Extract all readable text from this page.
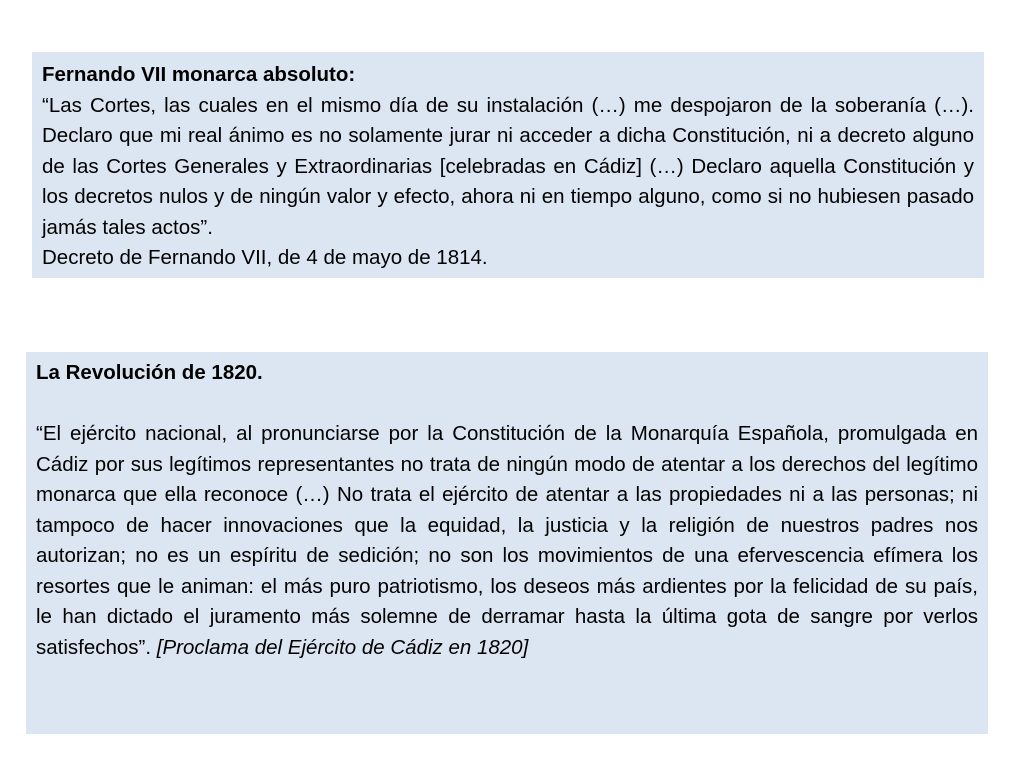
Fernando VII monarca absoluto:
“Las Cortes, las cuales en el mismo día de su instalación (…) me despojaron de la soberanía (…). Declaro que mi real ánimo es no solamente jurar ni acceder a dicha Constitución, ni a decreto alguno de las Cortes Generales y Extraordinarias [celebradas en Cádiz] (…) Declaro aquella Constitución y los decretos nulos y de ningún valor y efecto, ahora ni en tiempo alguno, como si no hubiesen pasado jamás tales actos”.
Decreto de Fernando VII, de 4 de mayo de 1814.
La Revolución de 1820.
“El ejército nacional, al pronunciarse por la Constitución de la Monarquía Española, promulgada en Cádiz por sus legítimos representantes no trata de ningún modo de atentar a los derechos del legítimo monarca que ella reconoce (…) No trata el ejército de atentar a las propiedades ni a las personas; ni tampoco de hacer innovaciones que la equidad, la justicia y la religión de nuestros padres nos autorizan; no es un espíritu de sedición; no son los movimientos de una efervescencia efímera los resortes que le animan: el más puro patriotismo, los deseos más ardientes por la felicidad de su país, le han dictado el juramento más solemne de derramar hasta la última gota de sangre por verlos satisfechos”. [Proclama del Ejército de Cádiz en 1820]
